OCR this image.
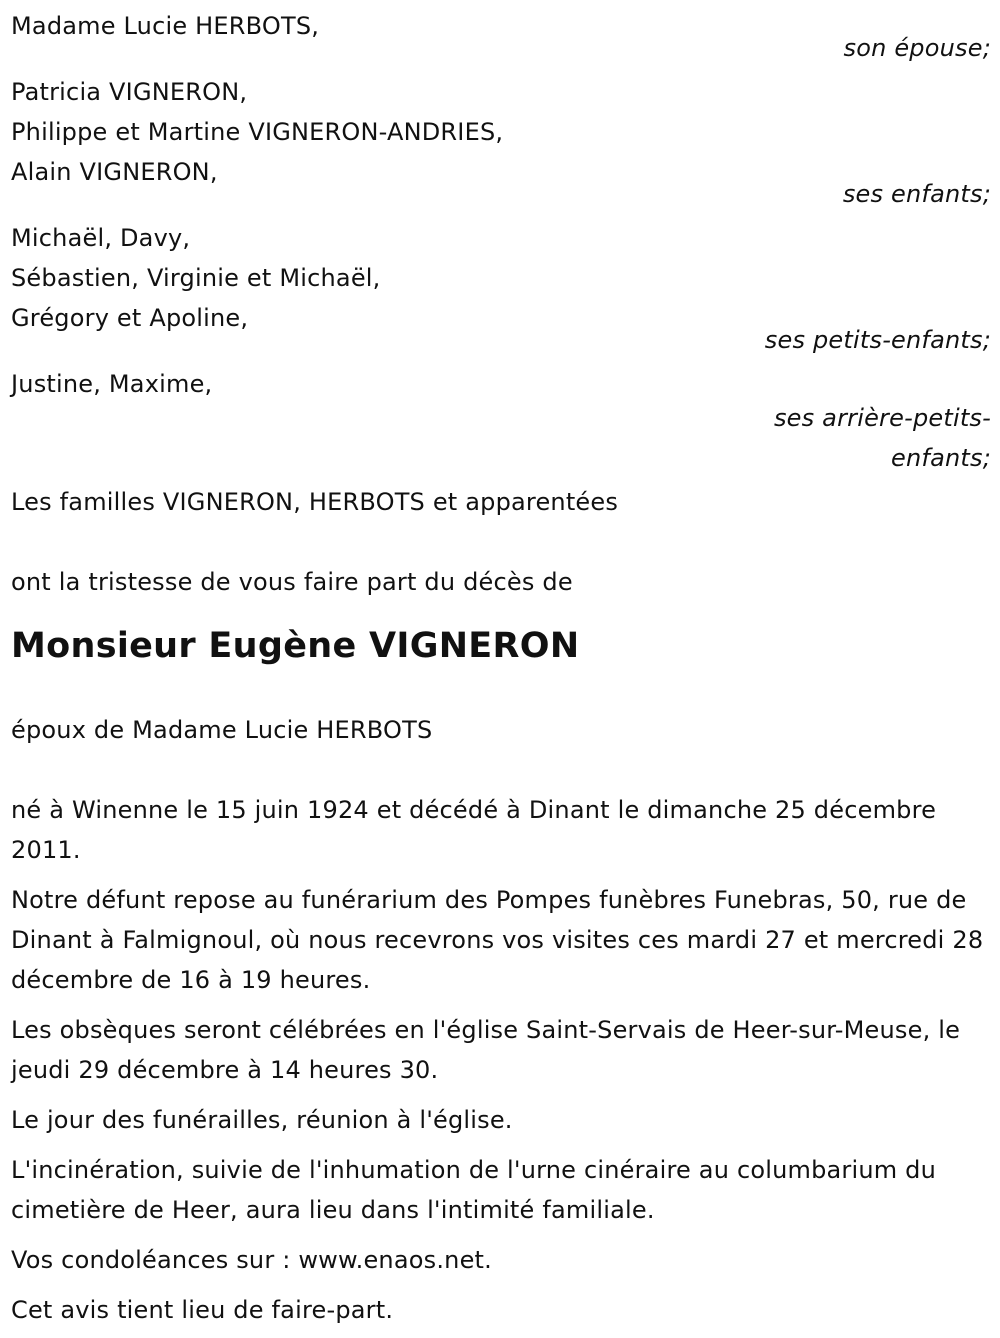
Madame Lucie HERBOTS,
son épouse;
Patricia VIGNERON,
Philippe et Martine VIGNERON-ANDRIES,
Alain VIGNERON,
ses enfants;
Michaël, Davy,
Sébastien, Virginie et Michaël,
Grégory et Apoline,
ses petits-enfants;
Justine, Maxime,
ses arrière-petits-
enfants;
Les familles VIGNERON, HERBOTS et apparentées
ont la tristesse de vous faire part du décès de
Monsieur Eugène VIGNERON
époux de Madame Lucie HERBOTS

né à Winenne le 15 juin 1924 et décédé à Dinant le dimanche 25 décembre 2011.

Notre défunt repose au funérarium des Pompes funèbres Funebras, 50, rue de Dinant à Falmignoul, où nous recevrons vos visites ces mardi 27 et mercredi 28 décembre de 16 à 19 heures.

Les obsèques seront célébrées en l'église Saint-Servais de Heer-sur-Meuse, le jeudi 29 décembre à 14 heures 30.

Le jour des funérailles, réunion à l'église.

L'incinération, suivie de l'inhumation de l'urne cinéraire au columbarium du cimetière de Heer, aura lieu dans l'intimité familiale.

Vos condoléances sur : www.enaos.net.

Cet avis tient lieu de faire-part.
